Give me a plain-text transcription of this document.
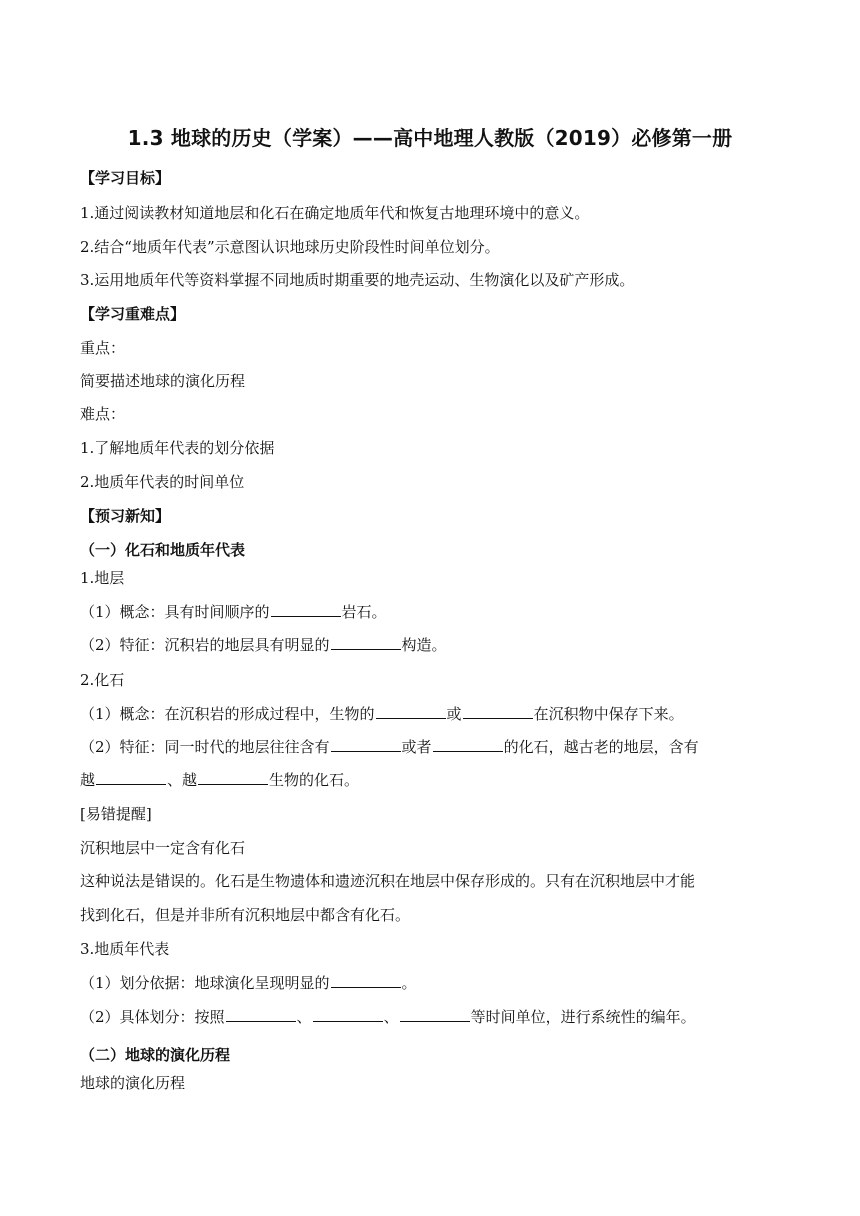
1.3 地球的历史（学案）——高中地理人教版（2019）必修第一册
【学习目标】
1.通过阅读教材知道地层和化石在确定地质年代和恢复古地理环境中的意义。
2.结合“地质年代表”示意图认识地球历史阶段性时间单位划分。
3.运用地质年代等资料掌握不同地质时期重要的地壳运动、生物演化以及矿产形成。
【学习重难点】
重点：
简要描述地球的演化历程
难点：
1.了解地质年代表的划分依据
2.地质年代表的时间单位
【预习新知】
（一）化石和地质年代表
1.地层
（1）概念：具有时间顺序的	岩石。
（2）特征：沉积岩的地层具有明显的	构造。
2.化石
（1）概念：在沉积岩的形成过程中，生物的	或	在沉积物中保存下来。
（2）特征：同一时代的地层往往含有	或者	的化石，越古老的地层，含有
越	、越	生物的化石。
[易错提醒]
沉积地层中一定含有化石
这种说法是错误的。化石是生物遗体和遗迹沉积在地层中保存形成的。只有在沉积地层中才能
找到化石，但是并非所有沉积地层中都含有化石。
3.地质年代表
（1）划分依据：地球演化呈现明显的	。
（2）具体划分：按照	、	、	等时间单位，进行系统性的编年。
（二）地球的演化历程
地球的演化历程
